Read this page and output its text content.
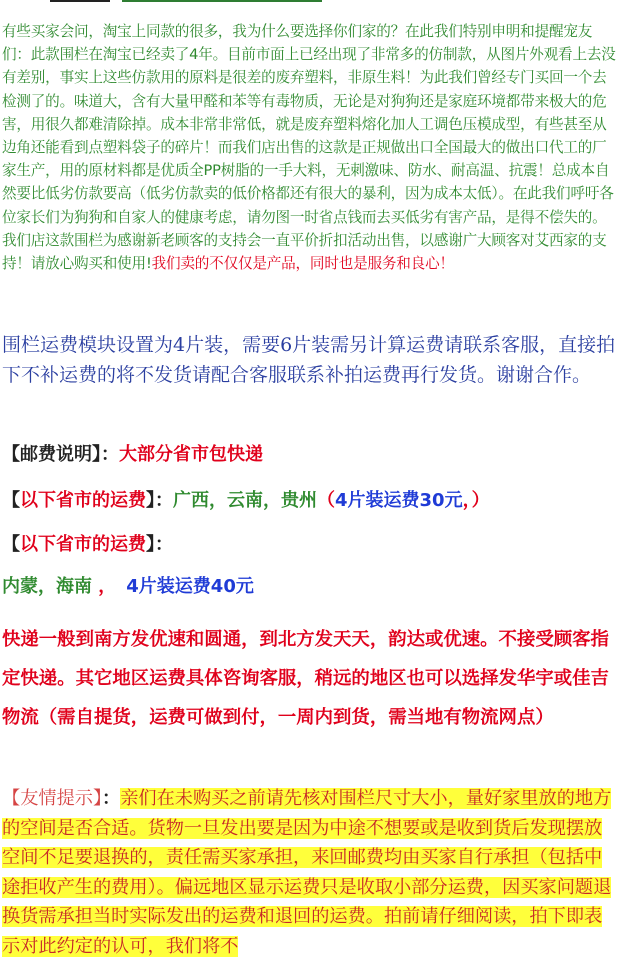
有些买家会问，淘宝上同款的很多，我为什么要选择你们家的？在此我们特别申明和提醒宠友们：此款围栏在淘宝已经卖了4年。目前市面上已经出现了非常多的仿制款，从图片外观看上去没有差别，事实上这些仿款用的原料是很差的废弃塑料，非原生料！为此我们曾经专门买回一个去检测了的。味道大，含有大量甲醛和苯等有毒物质，无论是对狗狗还是家庭环境都带来极大的危害，用很久都难清除掉。成本非常非常低，就是废弃塑料熔化加人工调色压模成型，有些甚至从边角还能看到点塑料袋子的碎片！而我们店出售的这款是正规做出口全国最大的做出口代工的厂家生产，用的原材料都是优质全PP树脂的一手大料，无刺激味、防水、耐高温、抗震！总成本自然要比低劣仿款要高（低劣仿款卖的低价格都还有很大的暴利，因为成本太低）。在此我们呼吁各位家长们为狗狗和自家人的健康考虑，请勿图一时省点钱而去买低劣有害产品，是得不偿失的。我们店这款围栏为感谢新老顾客的支持会一直平价折扣活动出售，以感谢广大顾客对艾西家的支持！请放心购买和使用!我们卖的不仅仅是产品，同时也是服务和良心！
围栏运费模块设置为4片装，需要6片装需另计算运费请联系客服，直接拍下不补运费的将不发货请配合客服联系补拍运费再行发货。谢谢合作。
【邮费说明】：大部分省市包快递
【以下省市的运费】：广西，云南，贵州（4片装运费30元，）
【以下省市的运费】：
内蒙，海南 ， 4片装运费40元
快递一般到南方发优速和圆通，到北方发天天，韵达或优速。不接受顾客指定快递。其它地区运费具体咨询客服，稍远的地区也可以选择发华宇或佳吉物流（需自提货，运费可做到付，一周内到货，需当地有物流网点）
【友情提示】：亲们在未购买之前请先核对围栏尺寸大小，量好家里放的地方的空间是否合适。货物一旦发出要是因为中途不想要或是收到货后发现摆放空间不足要退换的，责任需买家承担，来回邮费均由买家自行承担（包括中途拒收产生的费用）。偏远地区显示运费只是收取小部分运费，因买家问题退换货需承担当时实际发出的运费和退回的运费。拍前请仔细阅读，拍下即表示对此约定的认可，我们将不
